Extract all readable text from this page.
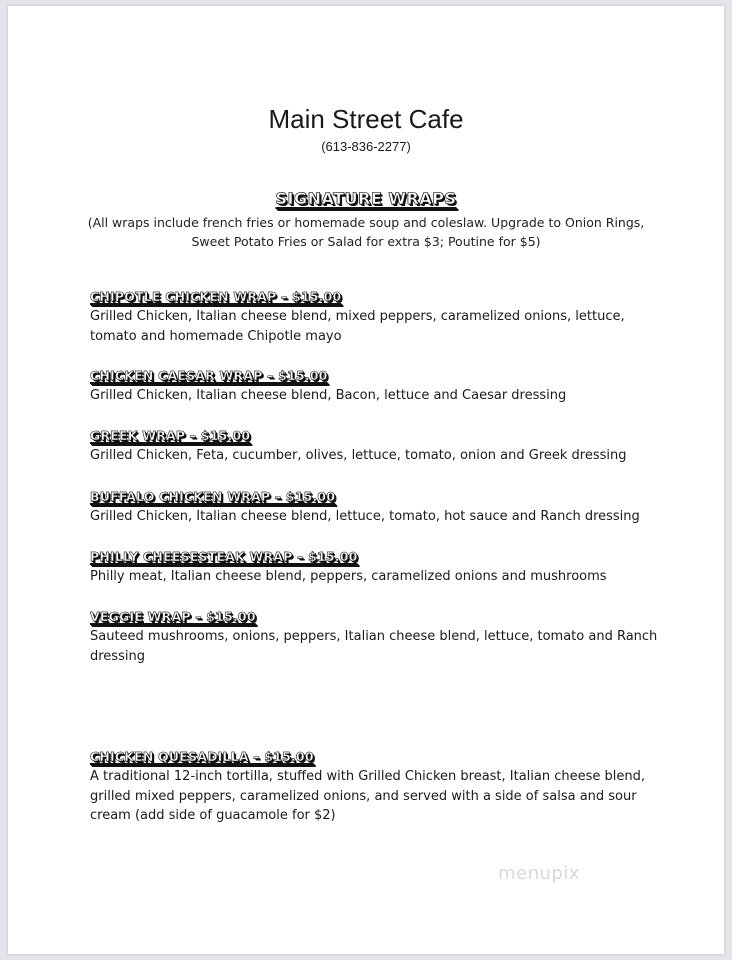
Main Street Cafe
(613-836-2277)
SIGNATURE WRAPS
(All wraps include french fries or homemade soup and coleslaw. Upgrade to Onion Rings, Sweet Potato Fries or Salad for extra $3; Poutine for $5)
CHIPOTLE CHICKEN WRAP – $15.00
Grilled Chicken, Italian cheese blend, mixed peppers, caramelized onions, lettuce, tomato and homemade Chipotle mayo
CHICKEN CAESAR WRAP – $15.00
Grilled Chicken, Italian cheese blend, Bacon, lettuce and Caesar dressing
GREEK WRAP – $15.00
Grilled Chicken, Feta, cucumber, olives, lettuce, tomato, onion and Greek dressing
BUFFALO CHICKEN WRAP – $15.00
Grilled Chicken, Italian cheese blend, lettuce, tomato, hot sauce and Ranch dressing
PHILLY CHEESESTEAK WRAP – $15.00
Philly meat, Italian cheese blend, peppers, caramelized onions and mushrooms
VEGGIE WRAP – $15.00
Sauteed mushrooms, onions, peppers, Italian cheese blend, lettuce, tomato and Ranch dressing
CHICKEN QUESADILLA – $15.00
A traditional 12-inch tortilla, stuffed with Grilled Chicken breast, Italian cheese blend, grilled mixed peppers, caramelized onions, and served with a side of salsa and sour cream (add side of guacamole for $2)
menupix
